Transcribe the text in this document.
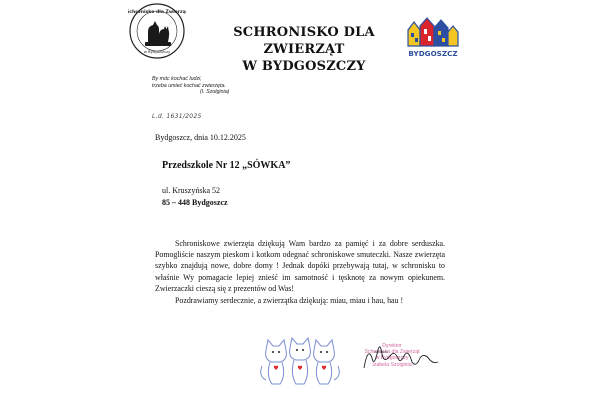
Schronisko dla Zwierząt
w Bydgoszczy
SCHRONISKO DLA ZWIERZĄT
W BYDGOSZCZY
BYDGOSZCZ
By móc kochać ludzi,
trzeba umieć kochać zwierzęta.
(I. Szolginia)
L.d. 1631/2025
Bydgoszcz, dnia 10.12.2025
Przedszkole Nr 12 „SÓWKA”
ul. Kruszyńska 52
85 – 448 Bydgoszcz

Schroniskowe zwierzęta dziękują Wam bardzo za pamięć i za dobre serduszka. Pomogliście naszym pieskom i kotkom odegnać schroniskowe smuteczki. Nasze zwierzęta szybko znajdują nowe, dobre domy ! Jednak dopóki przebywają tutaj, w schronisku to właśnie Wy pomagacie lepiej znieść im samotność i tęsknotę za nowym opiekunem. Zwierzaczki cieszą się z prezentów od Was!

Pozdrawiamy serdecznie, a zwierzątka dziękują: miau, miau i hau, hau !

Dyrektor
Schroniska dla Zwierząt
w Bydgoszczy
Izabela Szolginia
